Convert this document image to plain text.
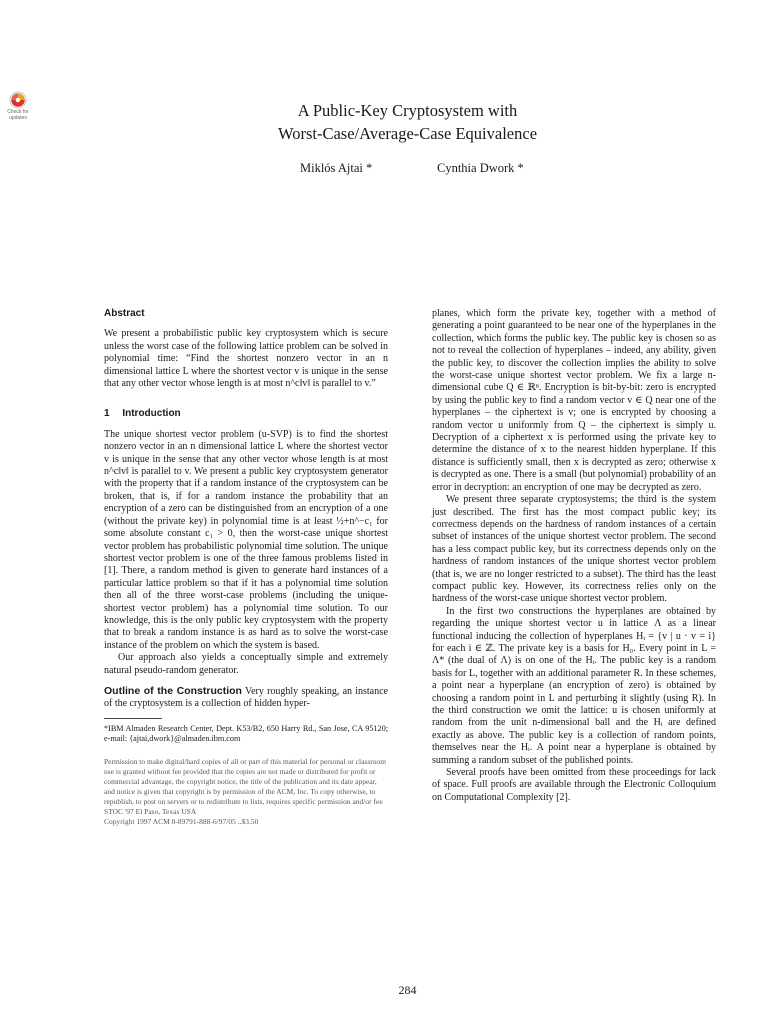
Check for updates	A Public-Key Cryptosystem with
Worst-Case/Average-Case Equivalence
Miklós Ajtai *	Cynthia Dwork *
Abstract

We present a probabilistic public key cryptosystem which is secure unless the worst case of the following lattice problem can be solved in polynomial time: “Find the shortest nonzero vector in an n dimensional lattice L where the shortest vector v is unique in the sense that any other vector whose length is at most n^c‖v‖ is parallel to v.”

1 Introduction

The unique shortest vector problem (u-SVP) is to find the shortest nonzero vector in an n dimensional lattice L where the shortest vector v is unique in the sense that any other vector whose length is at most n^c‖v‖ is parallel to v. We present a public key cryptosystem generator with the property that if a random instance of the cryptosystem can be broken, that is, if for a random instance the probability that an encryption of a zero can be distinguished from an encryption of a one (without the private key) in polynomial time is at least ½+n^−c₁ for some absolute constant c₁ > 0, then the worst-case unique shortest vector problem has probabilistic polynomial time solution. The unique shortest vector problem is one of the three famous problems listed in [1]. There, a random method is given to generate hard instances of a particular lattice problem so that if it has a polynomial time solution then all of the three worst-case problems (including the unique-shortest vector problem) has a polynomial time solution. To our knowledge, this is the only public key cryptosystem with the property that to break a random instance is as hard as to solve the worst-case instance of the problem on which the system is based.

Our approach also yields a conceptually simple and extremely natural pseudo-random generator.

Outline of the Construction Very roughly speaking, an instance of the cryptosystem is a collection of hidden hyper-

*IBM Almaden Research Center, Dept. K53/B2, 650 Harry Rd., San Jose, CA 95120; e-mail: {ajtai,dwork}@almaden.ibm.com

Permission to make digital/hard copies of all or part of this material for personal or classroom use is granted without fee provided that the copies are not made or distributed for profit or commercial advantage, the copyright notice, the title of the publication and its date appear, and notice is given that copyright is by permission of the ACM, Inc. To copy otherwise, to republish, to post on servers or to redistribute to lists, requires specific permission and/or fee
STOC '97 El Paso, Texas USA
Copyright 1997 ACM 0-89791-888-6/97/05 ..$3.50

planes, which form the private key, together with a method of generating a point guaranteed to be near one of the hyperplanes in the collection, which forms the public key. The public key is chosen so as not to reveal the collection of hyperplanes – indeed, any ability, given the public key, to discover the collection implies the ability to solve the worst-case unique shortest vector problem. We fix a large n-dimensional cube Q ∈ ℝⁿ. Encryption is bit-by-bit: zero is encrypted by using the public key to find a random vector v ∈ Q near one of the hyperplanes – the ciphertext is v; one is encrypted by choosing a random vector u uniformly from Q – the ciphertext is simply u. Decryption of a ciphertext x is performed using the private key to determine the distance of x to the nearest hidden hyperplane. If this distance is sufficiently small, then x is decrypted as zero; otherwise x is decrypted as one. There is a small (but polynomial) probability of an error in decryption: an encryption of one may be decrypted as zero.

We present three separate cryptosystems; the third is the system just described. The first has the most compact public key; its correctness depends on the hardness of random instances of a certain subset of instances of the unique shortest vector problem. The second has a less compact public key, but its correctness depends only on the hardness of random instances of the unique shortest vector problem (that is, we are no longer restricted to a subset). The third has the least compact public key. However, its correctness relies only on the hardness of the worst-case unique shortest vector problem.

In the first two constructions the hyperplanes are obtained by regarding the unique shortest vector u in lattice Λ as a linear functional inducing the collection of hyperplanes Hᵢ = {v | u · v = i} for each i ∈ ℤ. The private key is a basis for H₀. Every point in L = Λ* (the dual of Λ) is on one of the Hᵢ. The public key is a random basis for L, together with an additional parameter R. In these schemes, a point near a hyperplane (an encryption of zero) is obtained by choosing a random point in L and perturbing it slightly (using R). In the third construction we omit the lattice: u is chosen uniformly at random from the unit n-dimensional ball and the Hᵢ are defined exactly as above. The public key is a collection of random points, themselves near the Hᵢ. A point near a hyperplane is obtained by summing a random subset of the published points.

Several proofs have been omitted from these proceedings for lack of space. Full proofs are available through the Electronic Colloquium on Computational Complexity [2].

284
